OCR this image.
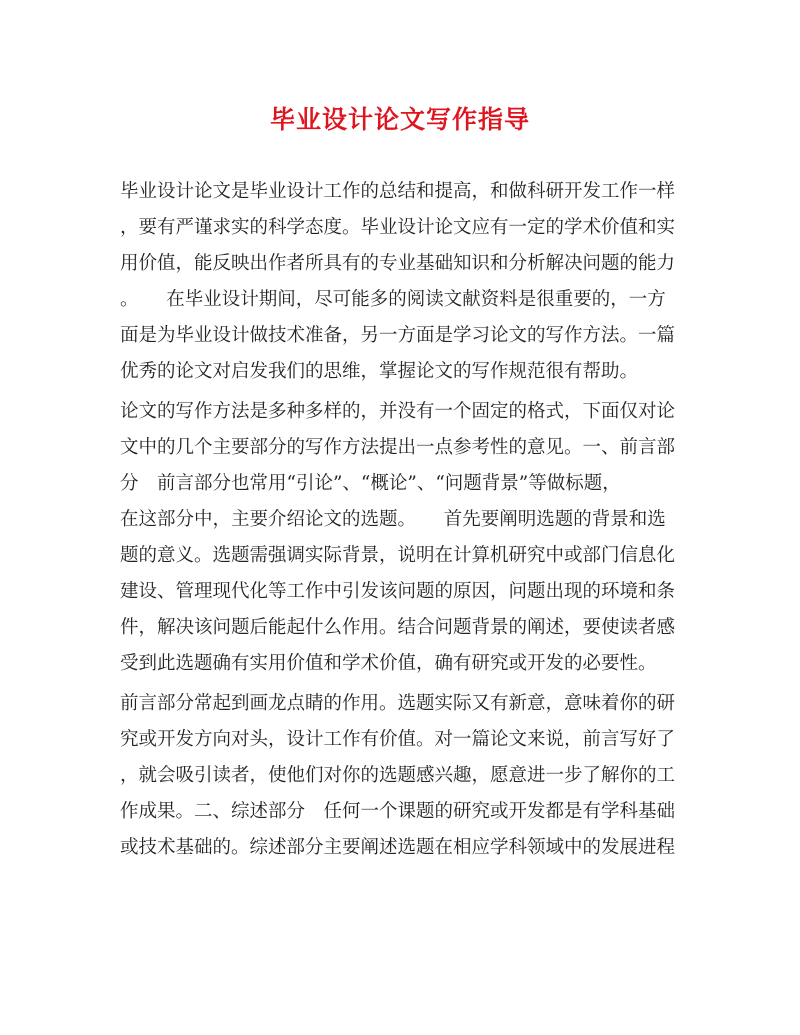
毕业设计论文写作指导
毕业设计论文是毕业设计工作的总结和提高，和做科研开发工作一样
，要有严谨求实的科学态度。毕业设计论文应有一定的学术价值和实
用价值，能反映出作者所具有的专业基础知识和分析解决问题的能力
。　　在毕业设计期间，尽可能多的阅读文献资料是很重要的，一方
面是为毕业设计做技术准备，另一方面是学习论文的写作方法。一篇
优秀的论文对启发我们的思维，掌握论文的写作规范很有帮助。
论文的写作方法是多种多样的，并没有一个固定的格式，下面仅对论
文中的几个主要部分的写作方法提出一点参考性的意见。一、前言部
分　前言部分也常用“引论”、“概论”、“问题背景”等做标题，
在这部分中，主要介绍论文的选题。　　首先要阐明选题的背景和选
题的意义。选题需强调实际背景，说明在计算机研究中或部门信息化
建设、管理现代化等工作中引发该问题的原因，问题出现的环境和条
件，解决该问题后能起什么作用。结合问题背景的阐述，要使读者感
受到此选题确有实用价值和学术价值，确有研究或开发的必要性。
前言部分常起到画龙点睛的作用。选题实际又有新意，意味着你的研
究或开发方向对头，设计工作有价值。对一篇论文来说，前言写好了
，就会吸引读者，使他们对你的选题感兴趣，愿意进一步了解你的工
作成果。二、综述部分　任何一个课题的研究或开发都是有学科基础
或技术基础的。综述部分主要阐述选题在相应学科领域中的发展进程
